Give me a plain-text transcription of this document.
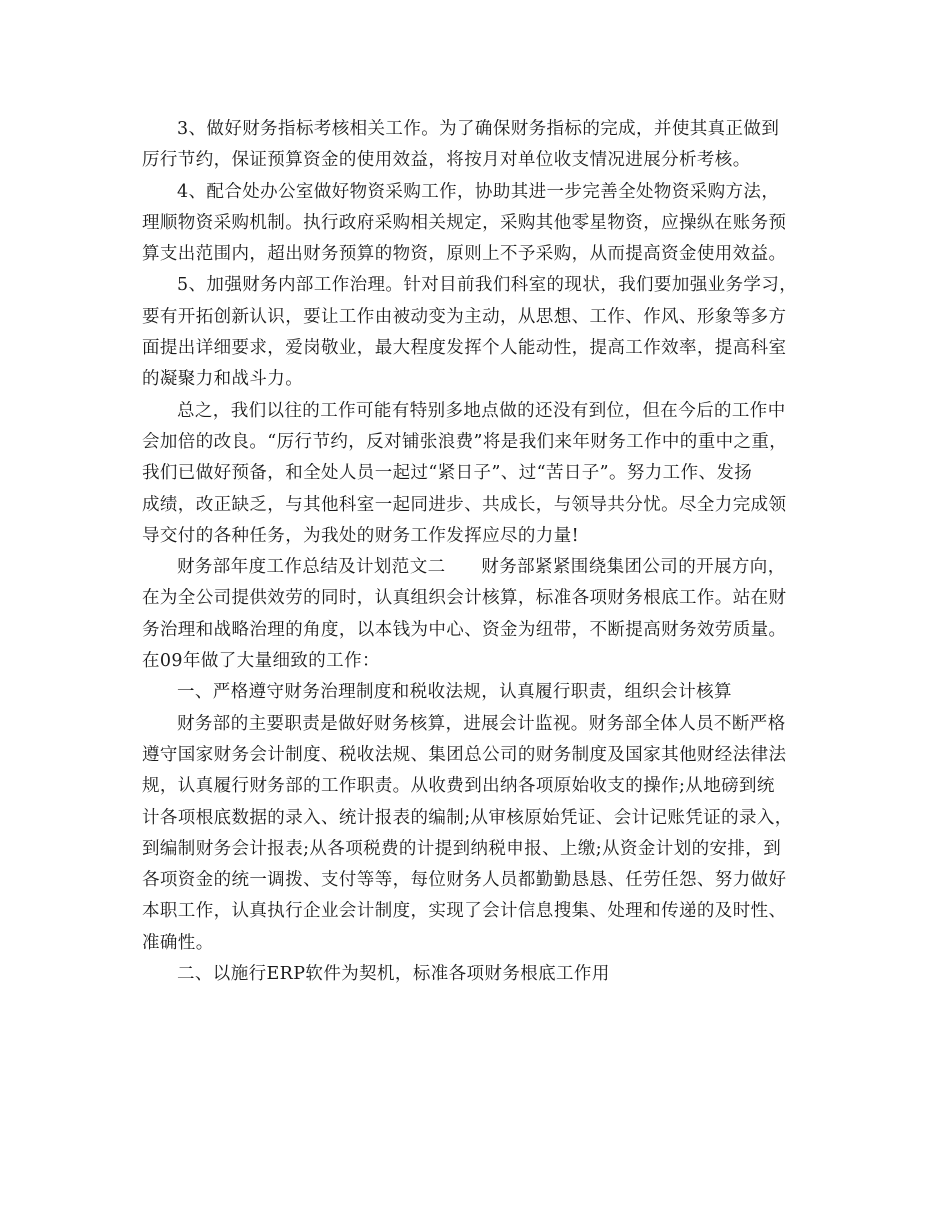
3、做好财务指标考核相关工作。为了确保财务指标的完成，并使其真正做到
厉行节约，保证预算资金的使用效益，将按月对单位收支情况进展分析考核。
4、配合处办公室做好物资采购工作，协助其进一步完善全处物资采购方法，
理顺物资采购机制。执行政府采购相关规定，采购其他零星物资，应操纵在账务预
算支出范围内，超出财务预算的物资，原则上不予采购，从而提高资金使用效益。
5、加强财务内部工作治理。针对目前我们科室的现状，我们要加强业务学习，
要有开拓创新认识，要让工作由被动变为主动，从思想、工作、作风、形象等多方
面提出详细要求，爱岗敬业，最大程度发挥个人能动性，提高工作效率，提高科室
的凝聚力和战斗力。
总之，我们以往的工作可能有特别多地点做的还没有到位，但在今后的工作中
会加倍的改良。“厉行节约，反对铺张浪费”将是我们来年财务工作中的重中之重，
我们已做好预备，和全处人员一起过“紧日子”、过“苦日子”。努力工作、发扬
成绩，改正缺乏，与其他科室一起同进步、共成长，与领导共分忧。尽全力完成领
导交付的各种任务，为我处的财务工作发挥应尽的力量!
财务部年度工作总结及计划范文二　　财务部紧紧围绕集团公司的开展方向，
在为全公司提供效劳的同时，认真组织会计核算，标准各项财务根底工作。站在财
务治理和战略治理的角度，以本钱为中心、资金为纽带，不断提高财务效劳质量。
在09年做了大量细致的工作：
一、严格遵守财务治理制度和税收法规，认真履行职责，组织会计核算
财务部的主要职责是做好财务核算，进展会计监视。财务部全体人员不断严格
遵守国家财务会计制度、税收法规、集团总公司的财务制度及国家其他财经法律法
规，认真履行财务部的工作职责。从收费到出纳各项原始收支的操作;从地磅到统
计各项根底数据的录入、统计报表的编制;从审核原始凭证、会计记账凭证的录入，
到编制财务会计报表;从各项税费的计提到纳税申报、上缴;从资金计划的安排，到
各项资金的统一调拨、支付等等，每位财务人员都勤勤恳恳、任劳任怨、努力做好
本职工作，认真执行企业会计制度，实现了会计信息搜集、处理和传递的及时性、
准确性。
二、以施行ERP软件为契机，标准各项财务根底工作用
